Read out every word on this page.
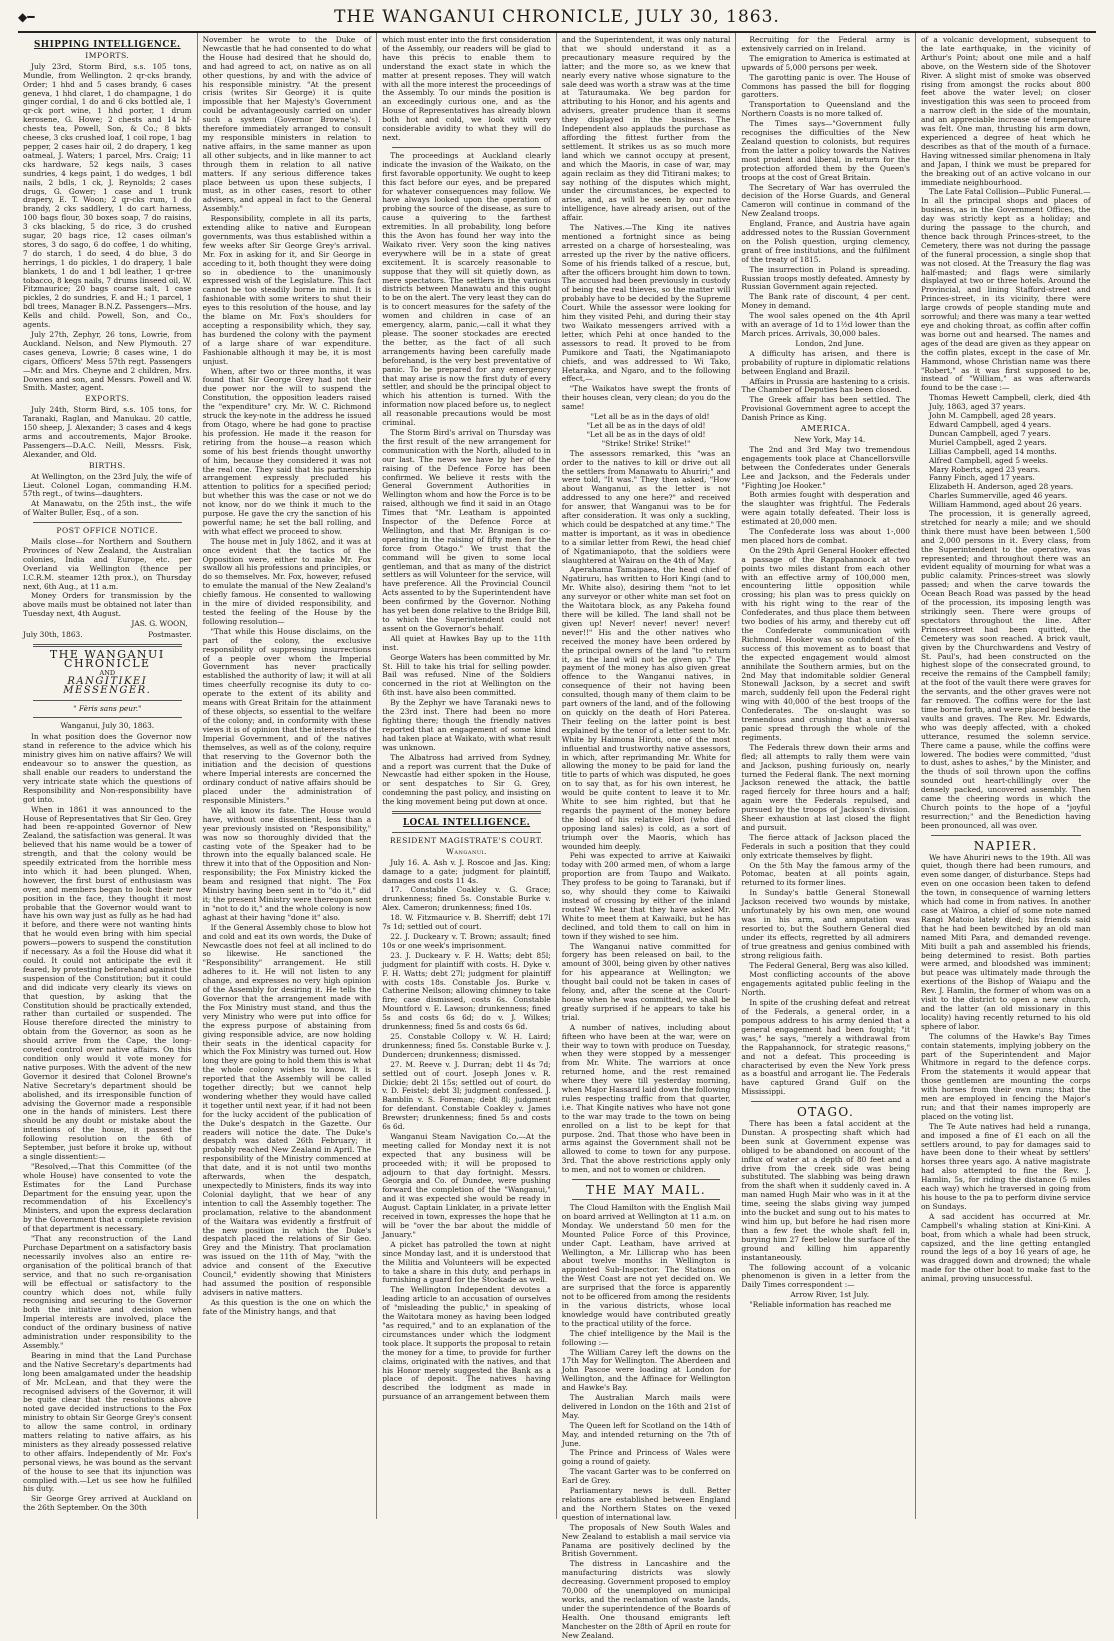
◆━	THE WANGANUI CHRONICLE, JULY 30, 1863.
SHIPPING INTELLIGENCE.
IMPORTS.

July 23rd, Storm Bird, s.s. 105 tons, Mundle, from Wellington. 2 qr-cks brandy, Order; 1 hhd and 5 cases brandy, 6 cases geneva, 1 hhd claret, 1 do champagne, 1 do ginger cordial, 1 do and 6 cks bottled ale, 1 qr-ck port wine, 1 hhd porter, 1 drum kerosene, G. Howe; 2 chests and 14 hf-chests tea, Powell, Son, & Co.; 8 bkts cheese, 3 cks crushed loaf, 1 coil rope, 1 bag pepper, 2 cases hair oil, 2 do drapery, 1 keg oatmeal, J. Waters; 1 parcel, Mrs. Craig; 11 cks hardware, 52 kegs nails, 3 cases sundries, 4 kegs paint, 1 do wedges, 1 bdl nails, 2 bdls, 1 ck, J. Reynolds; 2 cases drugs, G. Gower; 1 case and 1 trunk drapery, E. T. Woon; 2 qr-cks rum, 1 do brandy, 2 cks saddlery, 1 do cart harness, 100 bags flour, 30 boxes soap, 7 do raisins, 3 cks blacking, 5 do rice, 3 do crushed sugar, 20 bags rice, 12 cases oilman's stores, 3 do sago, 6 do coffee, 1 do whiting, 7 do starch, 1 do seed, 4 do blue, 3 do herrings, 1 do pickles, 1 do drapery, 1 bale blankets, 1 do and 1 bdl leather, 1 qr-tree tobacco, 8 kegs nails, 7 drums linseed oil, W. Fitzmaurice; 20 bags coarse salt, 1 case pickles, 2 do sundries, F. and H.; 1 parcel, 1 bdl trees, Manager B.N.Z. Passengers—Mrs. Kells and child. Powell, Son, and Co., agents.

July 27th, Zephyr, 26 tons, Lowrie, from Auckland. Nelson, and New Plymouth. 27 cases geneva, Lowrie; 8 cases wine, 1 do cigars, Officers' Mess 57th regt. Passengers—Mr. and Mrs. Cheyne and 2 children, Mrs. Downes and son, and Messrs. Powell and W. Smith. Master, agent.

EXPORTS.

July 24th, Storm Bird, s.s. 105 tons, for Taranaki, Raglan, and Manukau. 20 cattle, 150 sheep, J. Alexander; 3 cases and 4 kegs arms and accoutrements, Major Brooke. Passengers—D.A.C. Neill, Messrs. Fisk, Alexander, and Old.

BIRTHS.

At Wellington, on the 23rd July, the wife of Lieut. Colonel Logan, commanding H.M. 57th regt., of twins—daughters.

At Manawatu, on the 25th inst., the wife of Walter Buller, Esq., of a son.

POST OFFICE NOTICE.

Mails close—for Northern and Southern Provinces of New Zealand, the Australian colonies, India and Europe, etc. per Overland via Wellington (thence per I.C.R.M. steamer 12th prox.), on Thursday next, 6th Aug., at 11 a.m.

Money Orders for transmission by the above mails must be obtained not later than Tuesday next, 4th August.

JAS. G. WOON,
July 30th, 1863.	Postmaster.
THE WANGANUI CHRONICLE
AND
RANGITIKEI MESSENGER.
" Fèris sans peur."
Wanganui, July 30, 1863.

In what position does the Governor now stand in reference to the advice which his ministry gives him on native affairs? We will endeavour so to answer the question, as shall enable our readers to understand the very intricate state which the questions of Responsibility and Non-responsibility have got into.

When in 1861 it was announced to the House of Representatives that Sir Geo. Grey had been re-appointed Governor of New Zealand, the satisfaction was general. It was believed that his name would be a tower of strength, and that the colony would be speedily extricated from the horrible mess into which it had been plunged. When, however, the first burst of enthusiasm was over, and members began to look their new position in the face, they thought it most probable that the Governor would want to have his own way just as fully as he had had it before, and there were not wanting hints that he would even bring with him special powers—powers to suspend the constitution if necessary. As a foil the House did what it could. It could not anticipate the evil it feared, by protesting beforehand against the suspension of the Constitution; but it could and did indicate very clearly its views on that question, by asking that the Constitution should be practically extended, rather than curtailed or suspended. The House therefore directed the ministry to obtain from the Governor, as soon as he should arrive from the Cape, the long-coveted control over native affairs. On this condition only would it vote money for native purposes. With the advent of the new Governor it desired that Colonel Browne's Native Secretary's department should be abolished, and its irresponsible function of advising the Governor made a responsible one in the hands of ministers. Lest there should be any doubt or mistake about the intentions of the house, it passed the following resolution on the 6th of September, just before it broke up, without a single dissentient:—

"Resolved,—That this Committee (of the whole House) have consented to vote the Estimates for the Land Purchase Department for the ensuing year, upon the recommendation of his Excellency's Ministers, and upon the express declaration by the Government that a complete revision of that department is necessary.

"That any reconstruction of the Land Purchase Department on a satisfactory basis necessarily involves also an entire re-organisation of the political branch of that service, and that no such re-organisation will be effectual or satisfactory to the country which does not, while fully recognising and securing to the Governor both the initiative and decision when Imperial interests are involved, place the conduct of the ordinary business of native administration under responsibility to the Assembly."

Bearing in mind that the Land Purchase and the Native Secretary's departments had long been amalgamated under the headship of Mr. McLean, and that they were the recognised advisers of the Governor, it will be quite clear that the resolutions above noted gave decided instructions to the Fox ministry to obtain Sir George Grey's consent to allow the same control, in ordinary matters relating to native affairs, as his ministers as they already possessed relative to other affairs. Independently of Mr. Fox's personal views, he was bound as the servant of the house to see that its injunction was complied with.—Let us see how he fulfilled his duty.

Sir George Grey arrived at Auckland on the 26th September. On the 30th

November he wrote to the Duke of Newcastle that he had consented to do what the House had desired that he should do, and had agreed to act, on native as on all other questions, by and with the advice of his responsible ministry. "At the present crisis (writes Sir George) it is quite impossible that her Majesty's Government could be advantageously carried on under such a system (Governor Browne's). I therefore immediately arranged to consult my responsible ministers in relation to native affairs, in the same manner as upon all other subjects, and in like manner to act through them in relation to all native matters. If any serious difference takes place between us upon these subjects, I must, as in other cases, resort to other advisers, and appeal in fact to the General Assembly."

Responsibility, complete in all its parts, extending alike to native and European governments, was thus established within a few weeks after Sir George Grey's arrival. Mr. Fox in asking for it, and Sir George in acceding to it, both thought they were doing so in obedience to the unanimously expressed wish of the Legislature. This fact cannot be too steadily borne in mind. It is fashionable with some writers to shut their eyes to this resolution of the house, and lay the blame on Mr. Fox's shoulders for accepting a responsibility which, they say, has burdened the colony with the payment of a large share of war expenditure. Fashionable although it may be, it is most unjust.

When, after two or three months, it was found that Sir George Grey had not their due power nor the will to suspend the Constitution, the opposition leaders raised the "expenditure" cry. Mr. W. C. Richmond struck the key-note in the address he issued from Otago, where he had gone to practise his profession. He made it the reason for retiring from the house—a reason which some of his best friends thought unworthy of him, because they considered it was not the real one. They said that his partnership arrangement expressly precluded his attention to politics for a specified period; but whether this was the case or not we do not know, nor do we think it much to the purpose. He gave the cry the sanction of his powerful name; he set the ball rolling, and with what effect we proceed to show.

The house met in July 1862, and it was at once evident that the tactics of the Opposition were, either to make Mr. Fox swallow all his professions and principles, or do so themselves. Mr. Fox, however, refused to emulate the manual of the New Zealand's chiefly famous. He consented to wallowing in the mire of divided responsibility, and tested the feeling of the House by the following resolution—

"That while this House disclaims, on the part of the colony, the exclusive responsibility of suppressing insurrections of a people over whom the Imperial Government has never practically established the authority of law; it will at all times cheerfully recognise its duty to co-operate to the extent of its ability and means with Great Britain for the attainment of these objects, so essential to the welfare of the colony; and, in conformity with these views it is of opinion that the interests of the Imperial Government, and of the natives themselves, as well as of the colony, require that reserving to the Governor both the initiation and the decision of questions where Imperial interests are concerned the ordinary conduct of native affairs should be placed under the administration of responsible Ministers."

We all know its fate. The House would have, without one dissentient, less than a year previously insisted on "Responsibility," was now so thoroughly divided that the casting vote of the Speaker had to be thrown into the equally balanced scale. He threw it into that of the Opposition and Non-responsibility; the Fox Ministry kicked the beam and resigned that night. The Fox Ministry having been sent in to "do it," did it; the present Ministry were thereupon sent in "not to do it," and the whole colony is now aghast at their having "done it" also.

If the General Assembly chose to blow hot and cold and eat its own words, the Duke of Newcastle does not feel at all inclined to do so likewise. He sanctioned the "Responsibility" arrangement. He still adheres to it. He will not listen to any change, and expresses no very high opinion of the Assembly for desiring it. He tells the Governor that the arrangement made with the Fox Ministry must stand, and thus the very Ministry who were put into office for the express purpose of abstaining from giving responsible advice, are now holding their seats in the identical capacity for which the Fox Ministry was turned out. How long they are going to hold them this is what the whole colony wishes to know. It is reported that the Assembly will be called together directly; but we cannot help wondering whether they would have called it together until next year, if it had not been for the lucky accident of the publication of the Duke's despatch in the Gazette. Our readers will notice the date. The Duke's despatch was dated 26th February; it probably reached New Zealand in April. The responsibility of the Ministry commenced at that date, and it is not until two months afterwards, when the despatch, unexpectedly to Ministers, finds its way into Colonial daylight, that we hear of any intention to call the Assembly together. The proclamation, relative to the abandonment of the Waitara was evidently a firstfruit of the new position in which the Duke's despatch placed the relations of Sir Geo. Grey and the Ministry. That proclamation was issued on the 11th of May, "with the advice and consent of the Executive Council," evidently showing that Ministers had assumed the position of responsible advisers in native matters.

As this question is the one on which the fate of the Ministry hangs, and that

which must enter into the first consideration of the Assembly, our readers will be glad to have this précis to enable them to understand the exact state in which the matter at present reposes. They will watch with all the more interest the proceedings of the Assembly. To our minds the position is an exceedingly curious one, and as the House of Representatives has already blown both hot and cold, we look with very considerable avidity to what they will do next.

The proceedings at Auckland clearly indicate the invasion of the Waikato, on the first favorable opportunity. We ought to keep this fact before our eyes, and be prepared for whatever consequences may follow. We have always looked upon the operation of probing the source of the disease, as sure to cause a quivering to the farthest extremities. In all probability, long before this the Avon has found her way into the Waikato river. Very soon the king natives everywhere will be in a state of great excitement. It is scarcely reasonable to suppose that they will sit quietly down, as mere spectators. The settlers in the various districts between Manawatu and this ought to be on the alert. The very least they can do is to concert measures for the safety of the women and children in case of an emergency, alarm, panic,—call it what they please. The sooner stockades are erected the better, as the fact of all such arrangements having been carefully made beforehand, is the very best preventative of panic. To be prepared for any emergency that may arise is now the first duty of every settler, and should be the principal object to which his attention is turned. With the information now placed before us, to neglect all reasonable precautions would be most criminal.

The Storm Bird's arrival on Thursday was the first result of the new arrangement for communication with the North, alluded to in our last. The news we have by her of the raising of the Defence Force has been confirmed. We believe it rests with the General Government Authorities in Wellington whom and how the Force is to be raised, although we find it said in an Otago Times that "Mr. Leatham is appointed Inspector of the Defence Force at Wellington, and that Mr. Branigan is co-operating in the raising of fifty men for the force from Otago." We trust that the command will be given to some local gentleman, and that as many of the district settlers as will Volunteer for the service, will have preference. All the Provincial Council Acts assented to by the Superintendent have been confirmed by the Governor. Nothing has yet been done relative to the Bridge Bill, to which the Superintendent could not assent on the Governor's behalf.

All quiet at Hawkes Bay up to the 11th inst.

George Waters has been committed by Mr. St. Hill to take his trial for selling powder. Bail was refused. Nine of the Soldiers concerned in the riot at Wellington on the 6th inst. have also been committed.

By the Zephyr we have Taranaki news to the 23rd inst. There had been no more fighting there; though the friendly natives reported that an engagement of some kind had taken place at Waikato, with what result was unknown.

The Albatross had arrived from Sydney, and a report was current that the Duke of Newcastle had either spoken in the House, or sent despatches to Sir G. Grey, condemning the past policy, and insisting on the king movement being put down at once.

LOCAL INTELLIGENCE.
RESIDENT MAGISTRATE'S COURT.
Wanganui.

July 16. A. Ash v. J. Roscoe and Jas. King; damage to a gate; judgment for plaintiff, damages and costs 11 4s.

17. Constable Coakley v. G. Grace; drunkenness; fined 5s. Constable Burke v. Alex. Cameron; drunkenness; fined 10s.

18. W. Fitzmaurice v. B. Sherriff; debt 17l 7s 1d; settled out of court.

22. J. Duckeary v. T. Brown; assault; fined 10s or one week's imprisonment.

23. J. Duckeary v. F. H. Watts; debt 85l; judgment for plaintiff with costs. H. Dyke v. F. H. Watts; debt 27l; judgment for plaintiff with costs 18s. Constable Jos. Burke v. Catherine Neilson; allowing chimney to take fire; case dismissed, costs 6s. Constable Mountford v. E. Lawson; drunkenness; fined 5s and costs 6s 6d; do v. J. Wilkes; drunkenness; fined 5s and costs 6s 6d.

25. Constable Collopy v. W. H. Laird; drunkenness; fined 5s. Constable Burke v. J. Dundercen; drunkenness; dismissed.

27. M. Reeve v. J. Durran; debt 1l 4s 7d; settled out of court. Joseph Jones v. R. Dickie; debt 2l 15s; settled out of court. do v. D. Feistel; debt 3l; judgment confessed. J. Bamblin v. S. Foreman; debt 8l; judgment for defendant. Constable Coakley v. James Brewster; drunkenness; fined 5s and costs 6s 6d.

Wanganui Steam Navigation Co.—At the meeting called for Monday next it is not expected that any business will be proceeded with; it will be proposed to adjourn to that day fortnight. Messrs. Georgia and Co. of Dundee, were pushing forward the completion of the "Wanganui," and it was expected she would be ready in August. Captain Linklater, in a private letter received in town, expresses the hope that he will be "over the bar about the middle of January."

A picket has patrolled the town at night since Monday last, and it is understood that the Militia and Volunteers will be expected to take a share in this duty, and perhaps in furnishing a guard for the Stockade as well.

The Wellington Independent devotes a leading article to an accusation of ourselves of "misleading the public," in speaking of the Waitotara money as having been lodged "as required," and to an explanation of the circumstances under which the lodgment took place. It supports the proposal to retain the money for a time, to provide for further claims, originated with the natives, and that his Honor merely suggested the Bank as a place of deposit. The natives having described the lodgment as made in pursuance of an arrangement between them

and the Superintendent, it was only natural that we should understand it as a precautionary measure required by the latter; and the more so, as we knew that nearly every native whose signature to the sale deed was worth a straw was at the time at Taturaumaka. We beg pardon for attributing to his Honor, and his agents and advisers, greater prudence than it seems they displayed in the business. The Independent also applauds the purchase as affording the fittest further from the settlement. It strikes us as so much more land which we cannot occupy at present, and which the Maoris, in case of war, may again reclaim as they did Titirani makes; to say nothing of the disputes which might, under the circumstances, be expected to arise, and, as will be seen by our native intelligence, have already arisen, out of the affair.

The Natives.—The King ite natives mentioned a fortnight since as being arrested on a charge of horsestealing, was arrested up the river by the native officers. Some of his friends talked of a rescue, but, after the officers brought him down to town. The accused had been previously in custody of being the real thieves, so the matter will probably have to be decided by the Supreme Court. While the assessor were looking for him they visited Pehi, and during their stay two Waikato messengers arrived with a letter, which Pehi at once handed to the assessors to read. It proved to be from Pumikore and Taati, the Ngatimaniapoto chiefs, and was addressed to Wi Tako, Hetaraka, and Ngaro, and to the following effect,—

"The Waikatos have swept the fronts of their houses clean, very clean; do you do the same!

"Let all be as in the days of old!
"Let all be as in the days of old!
"Let all be as in the days of old!
"Strike! Strike! Strike!"

The assessors remarked, this "was an order to the natives to kill or drive out all the settlers from Manawatu to Ahuriri;" and were told, "It was." They then asked, "How about Wanganui, as the letter is not addressed to any one here?" and received for answer, that Wanganui was to be for after consideration. It was only a suckling, which could be despatched at any time." The matter is important, as it was in obedience to a similar letter from Rewi, the head chief of Ngatimaniapoto, that the soldiers were slaughtered at Wairau on the 4th of May.

Aperahama Tamaipaea, the head chief of Ngatiruru, has written to Hori Kingi (and to Mr. White also), desiring them "not to let any surveyor or other white man set foot on the Waitotara block, as any Pakeha found there will be killed. The land shall not be given up! Never! never! never! never! never!!" His and the other natives who received the money have been ordered by the principal owners of the land "to return it, as the land will not be given up." The payment of the money has also given great offence to the Wanganui natives, in consequence of their not having been consulted, though many of them claim to be part owners of the land, and of the following on quickly on the death of Hori Paterea. Their feeling on the latter point is best explained by the tenor of a letter sent to Mr. White by Haimona Hiroti, one of the most influential and trustworthy native assessors, in which, after reprimanding Mr. White for allowing the money to be paid for land the title to parts of which was disputed, he goes on to say that, as for his own interest, he would be quite content to leave it to Mr. White to see him righted, but that he regards the payment of the money before the blood of his relative Hori (who died opposing land sales) is cold, as a sort of triumph over the Maoris, which has wounded him deeply.

Pehi was expected to arrive at Kaiwaiki today with 200 armed men, of whom a large proportion are from Taupo and Waikato. They profess to be going to Taranaki, but if so, why should they come to Kaiwaiki instead of crossing by either of the inland routes? We hear that they have asked Mr. White to meet them at Kaiwaiki, but he has declined, and told them to call on him in town if they wished to see him.

The Wanganui native committed for forgery has been released on bail, to the amount of 300l, being given by other natives for his appearance at Wellington; we thought bail could not be taken in cases of felony, and, after the scene at the Court-house when he was committed, we shall be greatly surprised if he appears to take his trial.

A number of natives, including about fifteen who have been at the war, were on their way to town with produce on Tuesday, when they were stopped by a messenger from Mr. White. The warriors at once returned home, and the rest remained where they were till yesterday morning, when Major Hassard laid down the following rules respecting traffic from that quarter, i.e. That Kingite natives who have not gone to the war may trade to the town on being enrolled on a list to be kept for that purpose. 2nd. That those who have been in arms against the Government shall not be allowed to come to town for any purpose. 3rd. That the above restrictions apply only to men, and not to women or children.

THE MAY MAIL.

The Cloud Hamilton with the English Mail on board arrived at Wellington at 11 a.m. on Monday. We understand 50 men for the Mounted Police Force of this Province, under Capt. Leatham, have arrived at Wellington, a Mr. Lillicrap who has been about twelve months in Wellington is appointed Sub-Inspector. The Stations on the West Coast are not yet decided on. We are surprised that the force is apparently not to be officered from among the residents in the various districts, whose local knowledge would have contributed greatly to the practical utility of the force.

The chief intelligence by the Mail is the following :—

The William Carey left the downs on the 17th May for Wellington. The Aberdeen and John Pascoe were loading at London for Wellington, and the Affinace for Wellington and Hawke's Bay.

The Australian March mails were delivered in London on the 16th and 21st of May.

The Queen left for Scotland on the 14th of May, and intended returning on the 7th of June.

The Prince and Princess of Wales were going a round of gaiety.

The vacant Garter was to be conferred on Earl de Grey.

Parliamentary news is dull. Better relations are established between England and the Northern States on the vexed question of international law.

The proposals of New South Wales and New Zealand to establish a mail service via Panama are positively declined by the British Government.

The distress in Lancashire and the manufacturing districts was slowly decreasing. Government proposed to employ 70,000 of the unemployed on municipal works, and the reclamation of waste lands, under the superintendence of the Boards of Health. One thousand emigrants left Manchester on the 28th of April en route for New Zealand.

Recruiting for the Federal army is extensively carried on in Ireland.

The emigration to America is estimated at upwards of 5,000 persons per week.

The garotting panic is over. The House of Commons has passed the bill for flogging garotters.

Transportation to Queensland and the Northern Coasts is no more talked of.

The Times says—"Government fully recognises the difficulties of the New Zealand question to colonists, but requires from the latter a policy towards the Natives most prudent and liberal, in return for the protection afforded them by the Queen's troops at the cost of Great Britain.

The Secretary of War has overruled the decision of the Horse Guards, and General Cameron will continue in command of the New Zealand troops.

England, France, and Austria have again addressed notes to the Russian Government on the Polish question, urging clemency, grant of free institutions, and the fulfilment of the treaty of 1815.

The insurrection in Poland is spreading. Russian troops mostly defeated. Amnesty by Russian Government again rejected.

The Bank rate of discount, 4 per cent. Money in demand.

The wool sales opened on the 4th April with an average of 1d to 1½d lower than the March prices. Arrivals, 30,000 bales.

London, 2nd June.

A difficulty has arisen, and there is probability of rupture in diplomatic relations between England and Brazil.

Affairs in Prussia are hastening to a crisis. The Chamber of Deputies has been closed.

The Greek affair has been settled. The Provisional Government agree to accept the Danish Prince as King.

AMERICA.

New York, May 14.

The 2nd and 3rd May two tremendous engagements took place at Chancellorsville between the Confederates under Generals Lee and Jackson, and the Federals under "Fighting Joe Hooker."

Both armies fought with desperation and the slaughter was frightful. The Federals were again totally defeated. Their loss is estimated at 20,000 men.

The Confederate loss was about 1-,000 men placed hors de combat.

On the 29th April General Hooker effected a passage of the Rappahannock at two points two miles distant from each other with an effective army of 100,000 men, encountering little opposition while crossing; his plan was to press quickly on with his right wing to the rear of the Confederates, and thus place them between two bodies of his army, and thereby cut off the Confederate communication with Richmond. Hooker was so confident of the success of this movement as to boast that the expected engagement would almost annihilate the Southern armies, but on the 2nd May that indomitable soldier General Stonewall Jackson, by a secret and swift march, suddenly fell upon the Federal right wing with 40,000 of the best troops of the Confederates. The on-slaught was so tremendous and crushing that a universal panic spread through the whole of the regiments.

The Federals threw down their arms and fled; all attempts to rally them were vain and Jackson, pushing furiously on, nearly turned the Federal flank. The next morning Jackson renewed the attack, the battle raged fiercely for three hours and a half; again were the Federals repulsed, and pursued by the troops of Jackson's division. Sheer exhaustion at last closed the flight and pursuit.

The fierce attack of Jackson placed the Federals in such a position that they could only extricate themselves by flight.

On the 5th May the famous army of the Potomac, beaten at all points again, returned to its former lines.

In Sunday's battle General Stonewall Jackson received two wounds by mistake, unfortunately by his own men, one wound was in his arm, and amputation was resorted to, but the Southern General died under its effects, regretted by all admirers of true greatness and genius combined with strong religious faith.

The Federal General, Berg was also killed.

Most conflicting accounts of the above engagements agitated public feeling in the North.

In spite of the crushing defeat and retreat of the Federals, a general order, in a pompous address to his army denied that a general engagement had been fought; "it was," he says, "merely a withdrawal from the Rappahannock, for strategic reasons," and not a defeat. This proceeding is characterised by even the New York press as a boastful and arrogant lie. The Federals have captured Grand Gulf on the Mississippi.

OTAGO.

There has been a fatal accident at the Dunstan. A prospecting shaft which had been sunk at Government expense was obliged to be abandoned on account of the influx of water at a depth of 80 feet and a drive from the creek side was being substituted. The slabbing was being drawn from the shaft when it suddenly caved in. A man named Hugh Mair who was in it at the time, seeing the slabs giving way jumped into the bucket and sung out to his mates to wind him up, but before he had risen more than a few feet the whole shaft fell in, burying him 27 feet below the surface of the ground and killing him apparently instantaneously.

The following account of a volcanic phenomenon is given in a letter from the Daily Times correspondent :—

Arrow River, 1st July.

"Reliable information has reached me

of a volcanic development, subsequent to the late earthquake, in the vicinity of Arthur's Point; about one mile and a half above, on the Western side of the Shotover River. A slight mist of smoke was observed rising from amongst the rocks about 800 feet above the water level; on closer investigation this was seen to proceed from a narrow cleft in the side of the mountain, and an appreciable increase of temperature was felt. One man, thrusting his arm down, experienced a degree of heat which he describes as that of the mouth of a furnace. Having witnessed similar phenomena in Italy and Japan, I think we must be prepared for the breaking out of an active volcano in our immediate neighbourhood.

The Late Fatal Collision—Public Funeral.—In all the principal shops and places of business, as in the Government Offices, the day was strictly kept as a holiday; and during the passage to the church, and thence back through Princes-street, to the Cemetery, there was not during the passage of the funeral procession, a single shop that was not closed. At the Treasury the flag was half-masted; and flags were similarly displayed at two or three hotels. Around the Provincial, and lining Stafford-street and Princes-street, in its vicinity, there were large crowds of people standing mute and sorrowful; and there was many a tear wetted eye and choking throat, as coffin after coffin was borne out and hearsed. The names and ages of the dead are given as they appear on the coffin plates, except in the case of Mr. Hammond, whose Christian name was there "Robert," as it was first supposed to be, instead of "William," as was afterwards found to be the case :—

Thomas Hewett Campbell, clerk, died 4th July, 1863, aged 37 years.
John M. Campbell, aged 28 years.
Edward Campbell, aged 4 years.
Duncan Campbell, aged 7 years.
Muriel Campbell, aged 2 years.
Lillias Campbell, aged 14 months.
Alfred Campbell, aged 5 weeks.
Mary Roberts, aged 23 years.
Fanny Finch, aged 17 years.
Elizabeth H. Anderson, aged 28 years.
Charles Summerville, aged 46 years.
William Hammond, aged about 26 years.

The procession, it is generally agreed, stretched for nearly a mile; and we should think there must have been between 1,500 and 2,000 persons in it. Every class, from the Superintendent to the operative, was represented; and throughout there was an evident equality of mourning for what was a public calamity. Princes-street was slowly passed; and when the carve towards the Ocean Beach Road was passed by the head of the procession, its imposing length was strikingly seen. There were groups of spectators throughout the line. After Princes-street had been quitted, the Cemetery was soon reached. A brick vault, given by the Churchwardens and Vestry of St. Paul's, had been constructed on the highest slope of the consecrated ground, to receive the remains of the Campbell family; at the foot of the vault there were graves for the servants, and the other graves were not far removed. The coffins were for the last time borne forth, and were placed beside the vaults and graves. The Rev. Mr. Edwards, who was deeply affected, with a choked utterance, resumed the solemn service. There came a pause, while the coffins were lowered. The bodies were committed, "dust to dust, ashes to ashes," by the Minister, and the thuds of soil thrown upon the coffins sounded out heart-chillingly over the densely packed, uncovered assembly. Then came the cheering words in which the Church points to the hope of a "joyful resurrection;" and the Benediction having been pronounced, all was over.

NAPIER.

We have Ahuriri news to the 19th. All was quiet, though there had been rumours, and even some danger, of disturbance. Steps had even on one occasion been taken to defend the town, in consequence of warning letters which had come in from natives. In another case at Wairoa, a chief of some note named Rangi Matoio lately died; his friends said that he had been bewitched by an old man named Miti Para, and demanded revenge. Miti built a pah and assembled his friends, being determined to resist. Both parties were armed, and bloodshed was imminent; but peace was ultimately made through the exertions of the Bishop of Waiapu and the Rev. J. Hamlin, the former of whom was on a visit to the district to open a new church, and the latter (an old missionary in this locality) having recently returned to his old sphere of labor.

The columns of the Hawke's Bay Times contain statements, implying jobbery on the part of the Superintendent and Major Whitmore in regard to the defence corps. From the statements it would appear that those gentlemen are mounting the corps with horses from their own runs; that the men are employed in fencing the Major's run; and that their names improperly are placed on the voting list.

The Te Aute natives had held a runanga, and imposed a fine of £1 each on all the settlers around, to pay for damages said to have been done to their wheat by settlers' horses three years ago. A native magistrate had also attempted to fine the Rev. J. Hamlin, 5s, for riding the distance (5 miles each way) which he traversed in going from his house to the pa to perform divine service on Sundays.

A sad accident has occurred at Mr. Campbell's whaling station at Kini-Kini. A boat, from which a whale had been struck, capsized, and the line getting entangled round the legs of a boy 16 years of age, he was dragged down and drowned; the whale made for the other boat to make fast to the animal, proving unsuccessful.
